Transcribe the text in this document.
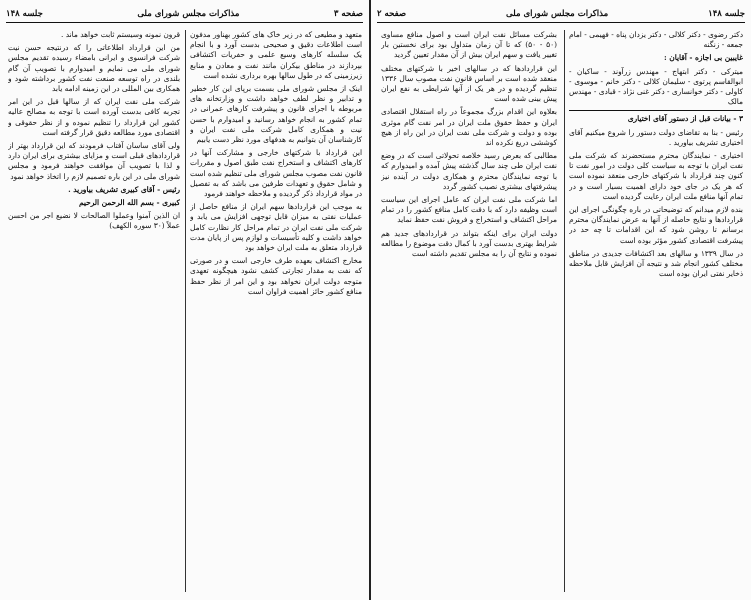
صفحه ۳
مذاکرات مجلس شورای ملی
جلسه ۱۴۸

متعهد و مطیعی که در زیر خاک های کشور بهناور مدفون است اطلاعات دقیق و صحیحی بدست آورد و با انجام یک سلسله کارهای وسیع علمی و حفریات اکتشافی بپردازند در مناطق بیکران مانند نفت و معادن و منابع زیرزمینی که در طول سالها بهره برداری نشده است

اینک از مجلس شورای ملی بسمت برپای این کار خطیر و تدابیر و نظر لطف خواهد داشت و وزارتخانه های مربوطه با اجرای قانون و پیشرفت کارهای عمرانی در تمام کشور به انجام خواهد رسانید و امیدوارم با حسن نیت و همکاری کامل شرکت ملی نفت ایران و کارشناسان آن بتوانیم به هدفهای مورد نظر دست یابیم

این قرارداد با شرکتهای خارجی و مشارکت آنها در کارهای اکتشاف و استخراج نفت طبق اصول و مقررات قانون نفت مصوب مجلس شورای ملی تنظیم شده است و شامل حقوق و تعهدات طرفین می باشد که به تفصیل در مواد قرارداد ذکر گردیده و ملاحظه خواهند فرمود

به موجب این قراردادها سهم ایران از منافع حاصل از عملیات نفتی به میزان قابل توجهی افزایش می یابد و شرکت ملی نفت ایران در تمام مراحل کار نظارت کامل خواهد داشت و کلیه تأسیسات و لوازم پس از پایان مدت قرارداد متعلق به ملت ایران خواهد بود

مخارج اکتشاف بعهده طرف خارجی است و در صورتی که نفت به مقدار تجارتی کشف نشود هیچگونه تعهدی متوجه دولت ایران نخواهد بود و این امر از نظر حفظ منافع کشور حائز اهمیت فراوان است

قرون نمونه وسیستم ثابت خواهد ماند .

من این قرارداد اطلاعاتی را که درنتیجه حسن نیت شرکت فرانسوی و ایرانی بامضاء رسیده تقدیم مجلس شورای ملی می نمایم و امیدوارم با تصویب آن گام بلندی در راه توسعه صنعت نفت کشور برداشته شود و همکاری بین المللی در این زمینه ادامه یابد

شرکت ملی نفت ایران که از سالها قبل در این امر تجربه کافی بدست آورده است با توجه به مصالح عالیه کشور این قرارداد را تنظیم نموده و از نظر حقوقی و اقتصادی مورد مطالعه دقیق قرار گرفته است

ولی آقای ساسان آفتاب فرمودند که این قرارداد بهتر از قراردادهای قبلی است و مزایای بیشتری برای ایران دارد و لذا با تصویب آن موافقت خواهند فرمود و مجلس شورای ملی در این باره تصمیم لازم را اتخاذ خواهد نمود

رئیس - آقای کبیری تشریف بیاورید .

کبیری - بسم الله الرحمن الرحیم

ان الذین آمنوا وعملوا الصالحات لا نضیع اجر من احسن عملاً (۳۰ سوره الکهف)

جلسه ۱۴۸
مذاکرات مجلس شورای ملی
صفحه ۲

دکتر رضوی - دکتر کلالی - دکتر یزدان پناه - فهیمی - امام جمعه - زنگنه

غایبین بی اجازه - آقایان :

میترکی - دکتر ابتهاج - مهندس زرآوند - ساکیان - ابوالقاسم پرتوی - سلیمان کلالی - دکتر خانم - موسوی - کاولی - دکتر خوانساری - دکتر غنی نژاد - قبادی - مهندس مالک

۳ - بیانات قبل از دستور آقای اختیاری

رئیس - بنا به تقاضای دولت دستور را شروع میکنیم آقای اختیاری تشریف بیاورید .

اختیاری - نمایندگان محترم مستحضرند که شرکت ملی نفت ایران با توجه به سیاست کلی دولت در امور نفت تا کنون چند قرارداد با شرکتهای خارجی منعقد نموده است که هر یک در جای خود دارای اهمیت بسیار است و در تمام آنها منافع ملت ایران رعایت گردیده است

بنده لازم میدانم که توضیحاتی در باره چگونگی اجرای این قراردادها و نتایج حاصله از آنها به عرض نمایندگان محترم برسانم تا روشن شود که این اقدامات تا چه حد در پیشرفت اقتصادی کشور مؤثر بوده است

در سال ۱۳۳۹ و سالهای بعد اکتشافات جدیدی در مناطق مختلف کشور انجام شد و نتیجه آن افزایش قابل ملاحظه ذخایر نفتی ایران بوده است

بشرکت مسائل نفت ایران است و اصول منافع مساوی (۵۰ - ۵۰) که تا آن زمان متداول بود برای نخستین بار تغییر یافت و سهم ایران بیش از آن مقدار تعیین گردید

این قراردادها که در سالهای اخیر با شرکتهای مختلف منعقد شده است بر اساس قانون نفت مصوب سال ۱۳۳۶ تنظیم گردیده و در هر یک از آنها شرایطی به نفع ایران پیش بینی شده است

بعلاوه این اقدام بزرگ مجموعاً در راه استقلال اقتصادی ایران و حفظ حقوق ملت ایران در امر نفت گام موثری بوده و دولت و شرکت ملی نفت ایران در این راه از هیچ کوششی دریغ نکرده اند

مطالبی که بعرض رسید خلاصه تحولاتی است که در وضع نفت ایران طی چند سال گذشته پیش آمده و امیدوارم که با توجه نمایندگان محترم و همکاری دولت در آینده نیز پیشرفتهای بیشتری نصیب کشور گردد

اما شرکت ملی نفت ایران که عامل اجرای این سیاست است وظیفه دارد که با دقت کامل منافع کشور را در تمام مراحل اکتشاف و استخراج و فروش نفت حفظ نماید

دولت ایران برای اینکه بتواند در قراردادهای جدید هم شرایط بهتری بدست آورد با کمال دقت موضوع را مطالعه نموده و نتایج آن را به مجلس تقدیم داشته است
